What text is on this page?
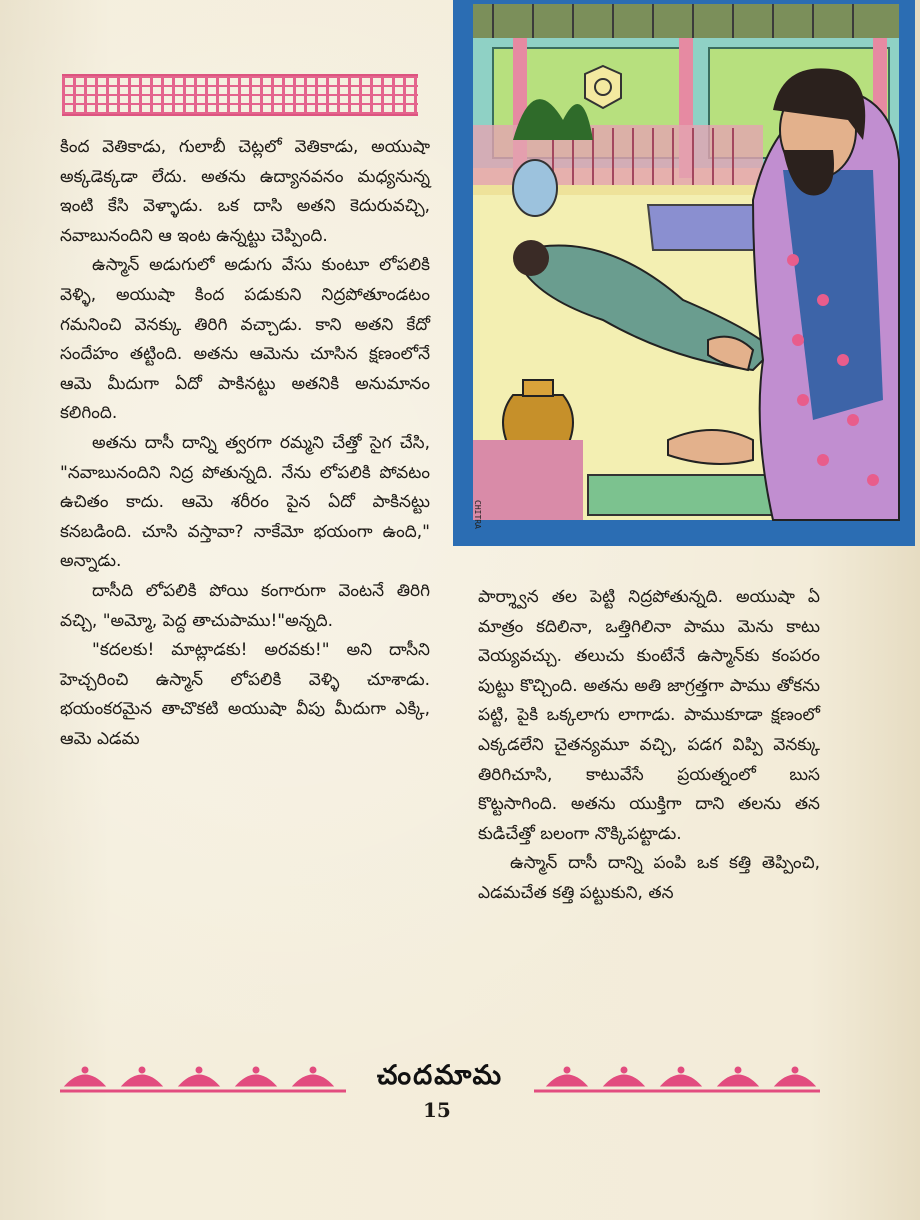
కింద వెతికాడు, గులాబీ చెట్లలో వెతికాడు, అయుషా అక్కడెక్కడా లేదు. అతను ఉద్యానవనం మధ్యనున్న ఇంటి కేసి వెళ్ళాడు. ఒక దాసి అతని కెదురువచ్చి, నవాబునందిని ఆ ఇంట ఉన్నట్టు చెప్పింది.

ఉస్మాన్ అడుగులో అడుగు వేసు కుంటూ లోపలికి వెళ్ళి, అయుషా కింద పడుకుని నిద్రపోతూండటం గమనించి వెనక్కు తిరిగి వచ్చాడు. కాని అతని కేదో సందేహం తట్టింది. అతను ఆమెను చూసిన క్షణంలోనే ఆమె మీదుగా ఏదో పాకినట్టు అతనికి అనుమానం కలిగింది.

అతను దాసీ దాన్ని త్వరగా రమ్మని చేత్తో సైగ చేసి, "నవాబునందిని నిద్ర పోతున్నది. నేను లోపలికి పోవటం ఉచితం కాదు. ఆమె శరీరం పైన ఏదో పాకినట్టు కనబడింది. చూసి వస్తావా? నాకేమో భయంగా ఉంది," అన్నాడు.

దాసీది లోపలికి పోయి కంగారుగా వెంటనే తిరిగి వచ్చి, "అమ్మో, పెద్ద తాచుపాము!"అన్నది.

"కదలకు! మాట్లాడకు! అరవకు!" అని దాసీని హెచ్చరించి ఉస్మాన్ లోపలికి వెళ్ళి చూశాడు. భయంకరమైన తాచొకటి అయుషా వీపు మీదుగా ఎక్కి, ఆమె ఎడమ

CHITRA

పార్శ్వాన తల పెట్టి నిద్రపోతున్నది. అయుషా ఏ మాత్రం కదిలినా, ఒత్తిగిలినా పాము మెను కాటు వెయ్యవచ్చు. తలుచు కుంటేనే ఉస్మాన్‌కు కంపరం పుట్టు కొచ్చింది. అతను అతి జాగ్రత్తగా పాము తోకను పట్టి, పైకి ఒక్కలాగు లాగాడు. పాముకూడా క్షణంలో ఎక్కడలేని చైతన్యమూ వచ్చి, పడగ విప్పి వెనక్కు తిరిగిచూసి, కాటువేసే ప్రయత్నంలో బుస కొట్టసాగింది. అతను యుక్తిగా దాని తలను తన కుడిచేత్తో బలంగా నొక్కిపట్టాడు.

ఉస్మాన్ దాసీ దాన్ని పంపి ఒక కత్తి తెప్పించి, ఎడమచేత కత్తి పట్టుకుని, తన

చందమామ
15
